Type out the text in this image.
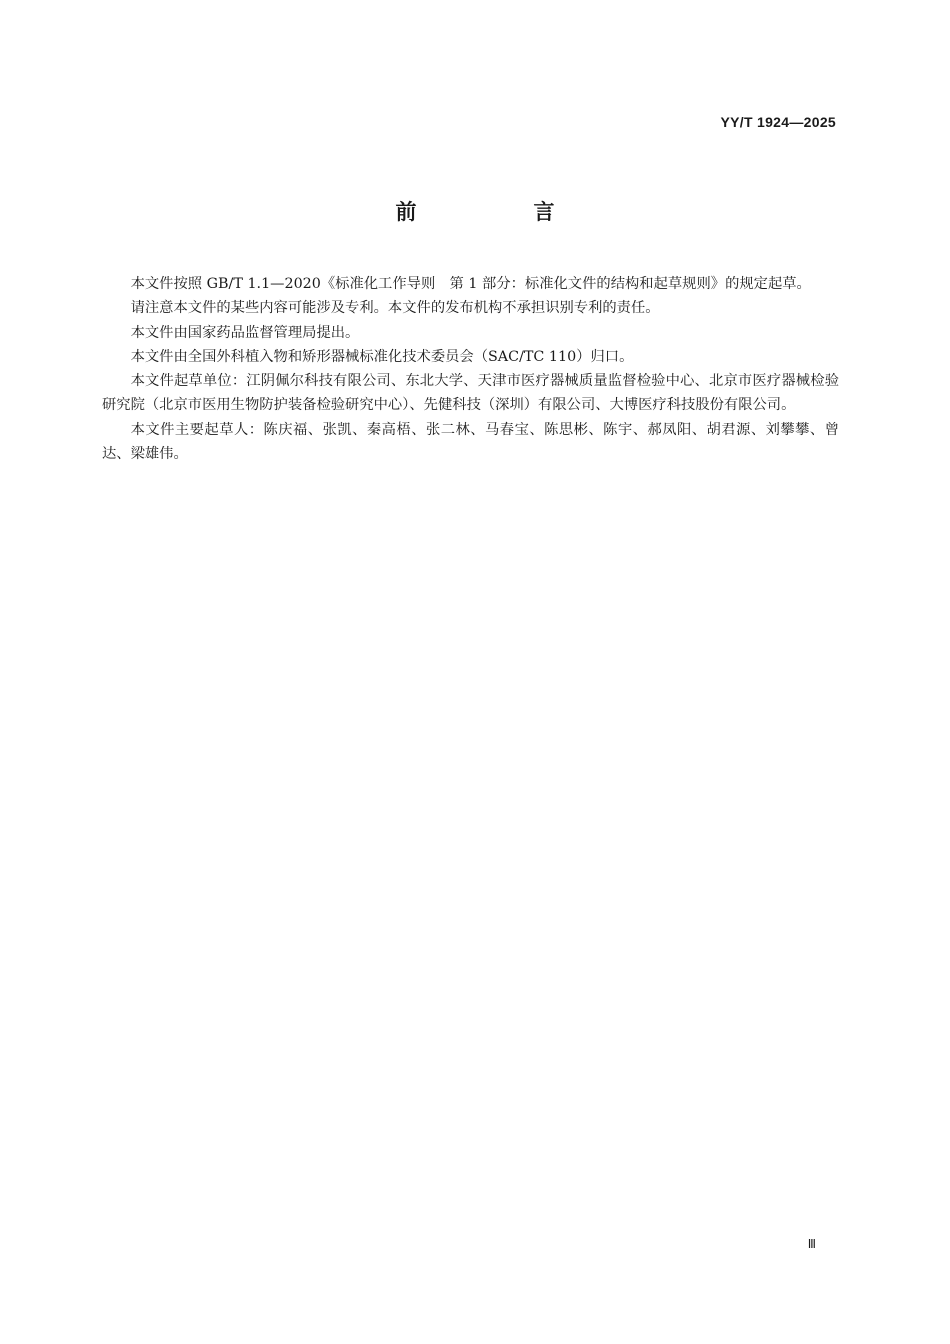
YY/T 1924—2025
前　言

本文件按照 GB/T 1.1—2020《标准化工作导则　第 1 部分：标准化文件的结构和起草规则》的规定起草。

请注意本文件的某些内容可能涉及专利。本文件的发布机构不承担识别专利的责任。

本文件由国家药品监督管理局提出。

本文件由全国外科植入物和矫形器械标准化技术委员会（SAC/TC 110）归口。

本文件起草单位：江阴佩尔科技有限公司、东北大学、天津市医疗器械质量监督检验中心、北京市医疗器械检验研究院（北京市医用生物防护装备检验研究中心）、先健科技（深圳）有限公司、大博医疗科技股份有限公司。

本文件主要起草人：陈庆福、张凯、秦高梧、张二林、马春宝、陈思彬、陈宇、郝凤阳、胡君源、刘攀攀、曾达、梁雄伟。

Ⅲ
